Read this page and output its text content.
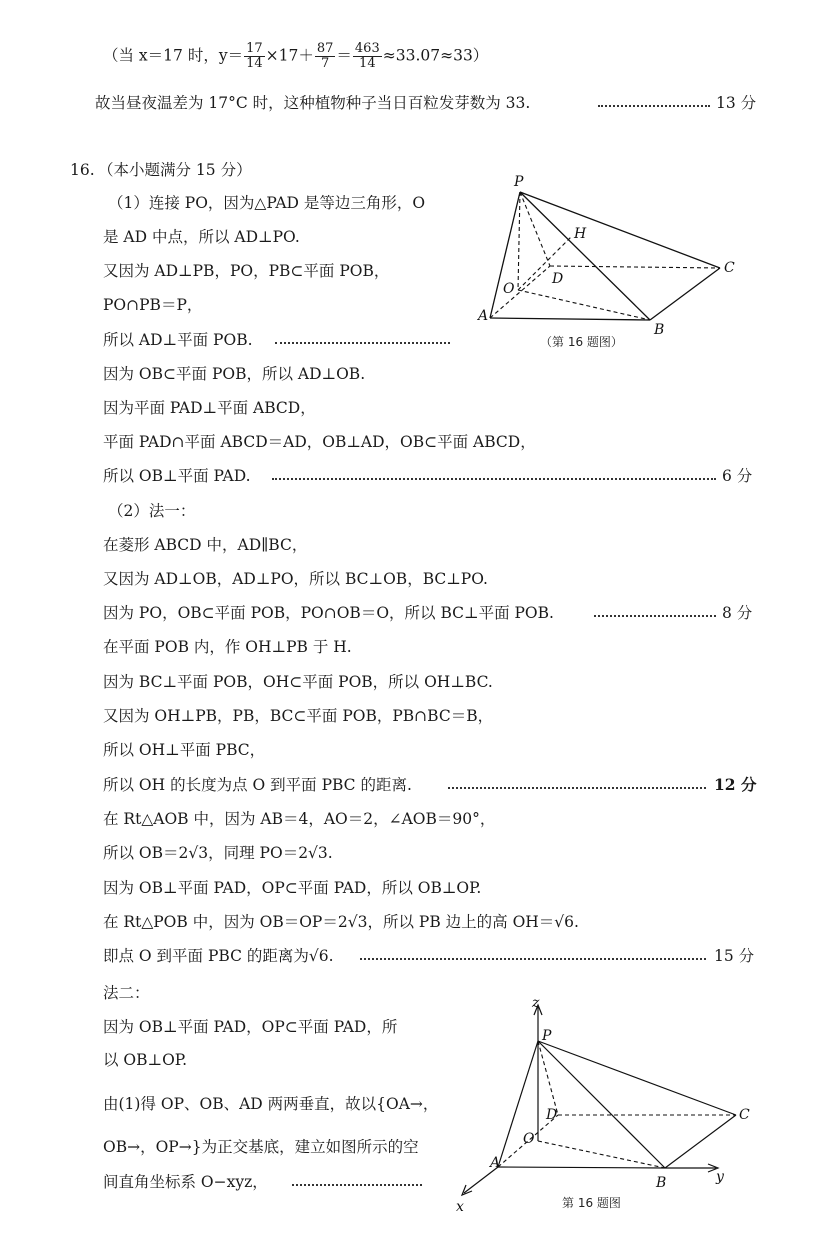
（当 x＝17 时，$y= \frac{17}{14} \times 17+ \frac{87}{7} = \frac{463}{14} \approx 33.07\approx 33$）
故当昼夜温差为 17°C 时，这种植物种子当日百粒发芽数为 33.	13 分
16. （本小题满分 15 分）
（1）连接 PO，因为△PAD 是等边三角形，O
是 AD 中点，所以 AD⊥PO.
又因为 AD⊥PB，PO，PB⊂平面 POB，
PO∩PB＝P，
所以 AD⊥平面 POB.
因为 OB⊂平面 POB，所以 AD⊥OB.
因为平面 PAD⊥平面 ABCD，
平面 PAD∩平面 ABCD＝AD，OB⊥AD，OB⊂平面 ABCD，
所以 OB⊥平面 PAD.	6 分
（2）法一：
在菱形 ABCD 中，AD∥BC，
又因为 AD⊥OB，AD⊥PO，所以 BC⊥OB，BC⊥PO.
因为 PO，OB⊂平面 POB，PO∩OB＝O，所以 BC⊥平面 POB.	8 分
在平面 POB 内，作 OH⊥PB 于 H.
因为 BC⊥平面 POB，OH⊂平面 POB，所以 OH⊥BC.
又因为 OH⊥PB，PB，BC⊂平面 POB，PB∩BC＝B，
所以 OH⊥平面 PBC，
所以 OH 的长度为点 O 到平面 PBC 的距离.	12 分
在 Rt△AOB 中，因为 AB＝4，AO＝2，∠AOB＝90°，
所以 OB＝2√3，同理 PO＝2√3.
因为 OB⊥平面 PAD，OP⊂平面 PAD，所以 OB⊥OP.
在 Rt△POB 中，因为 OB＝OP＝2√3，所以 PB 边上的高 OH＝√6.
即点 O 到平面 PBC 的距离为√6.	15 分
法二：
因为 OB⊥平面 PAD，OP⊂平面 PAD，所
以 OB⊥OP.
由(1)得 OP、OB、AD 两两垂直，故以{OA→，
OB→，OP→}为正交基底，建立如图所示的空
间直角坐标系 O−xyz，
P
H
C
D
O
A
B
（第 16 题图）
z
P
D	C
O
A
B	y
x	第 16 题图
